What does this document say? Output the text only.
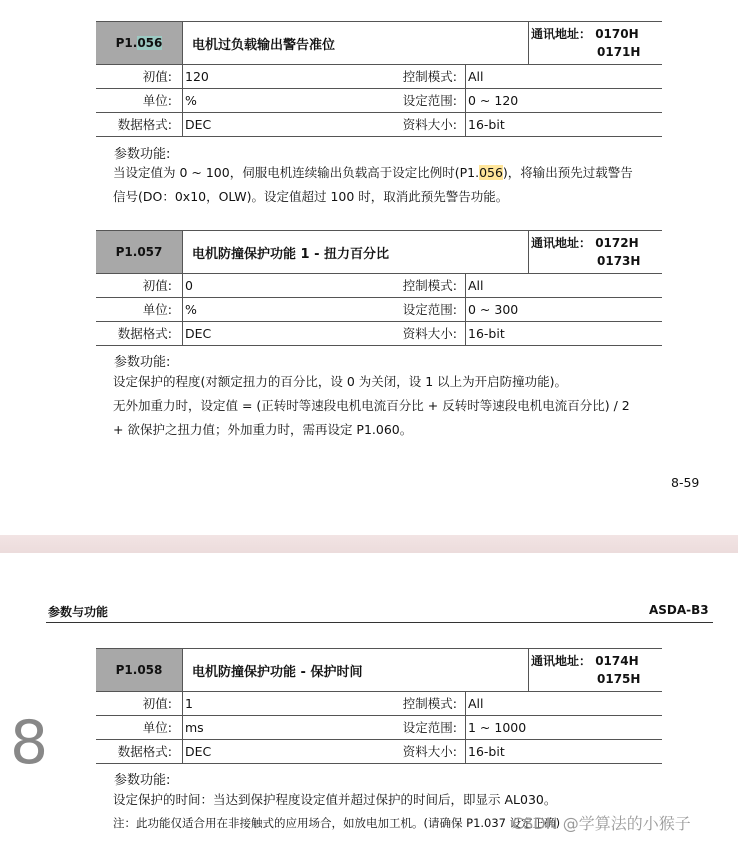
P1. 056 电机过负载输出警告准位
通讯地址： 0170H
0171H
初值: 120	控制模式: All
单位: %	设定范围: 0 ~ 120
数据格式: DEC	资料大小: 16-bit
参数功能:
当设定值为 0 ~ 100，伺服电机连续输出负载高于设定比例时(P1.056)，将输出预先过载警告
信号(DO：0x10，OLW)。设定值超过 100 时，取消此预先警告功能。
P1.057	电机防撞保护功能 1 - 扭力百分比
通讯地址： 0172H
0173H
初值: 0	控制模式: All
单位: %	设定范围: 0 ~ 300
数据格式: DEC	资料大小: 16-bit
参数功能:
设定保护的程度(对额定扭力的百分比，设 0 为关闭，设 1 以上为开启防撞功能)。
无外加重力时，设定值 = (正转时等速段电机电流百分比 + 反转时等速段电机电流百分比) / 2
+ 欲保护之扭力值；外加重力时，需再设定 P1.060。
8-59
参数与功能	ASDA-B3
8
P1.058	电机防撞保护功能 - 保护时间
通讯地址： 0174H
0175H
初值: 1	控制模式: All
单位: ms	设定范围: 1 ~ 1000
数据格式: DEC	资料大小: 16-bit
参数功能:
设定保护的时间：当达到保护程度设定值并超过保护的时间后，即显示 AL030。
注：此功能仅适合用在非接触式的应用场合，如放电加工机。(请确保 P1.037 设定正确)
CSDN @学算法的小猴子
